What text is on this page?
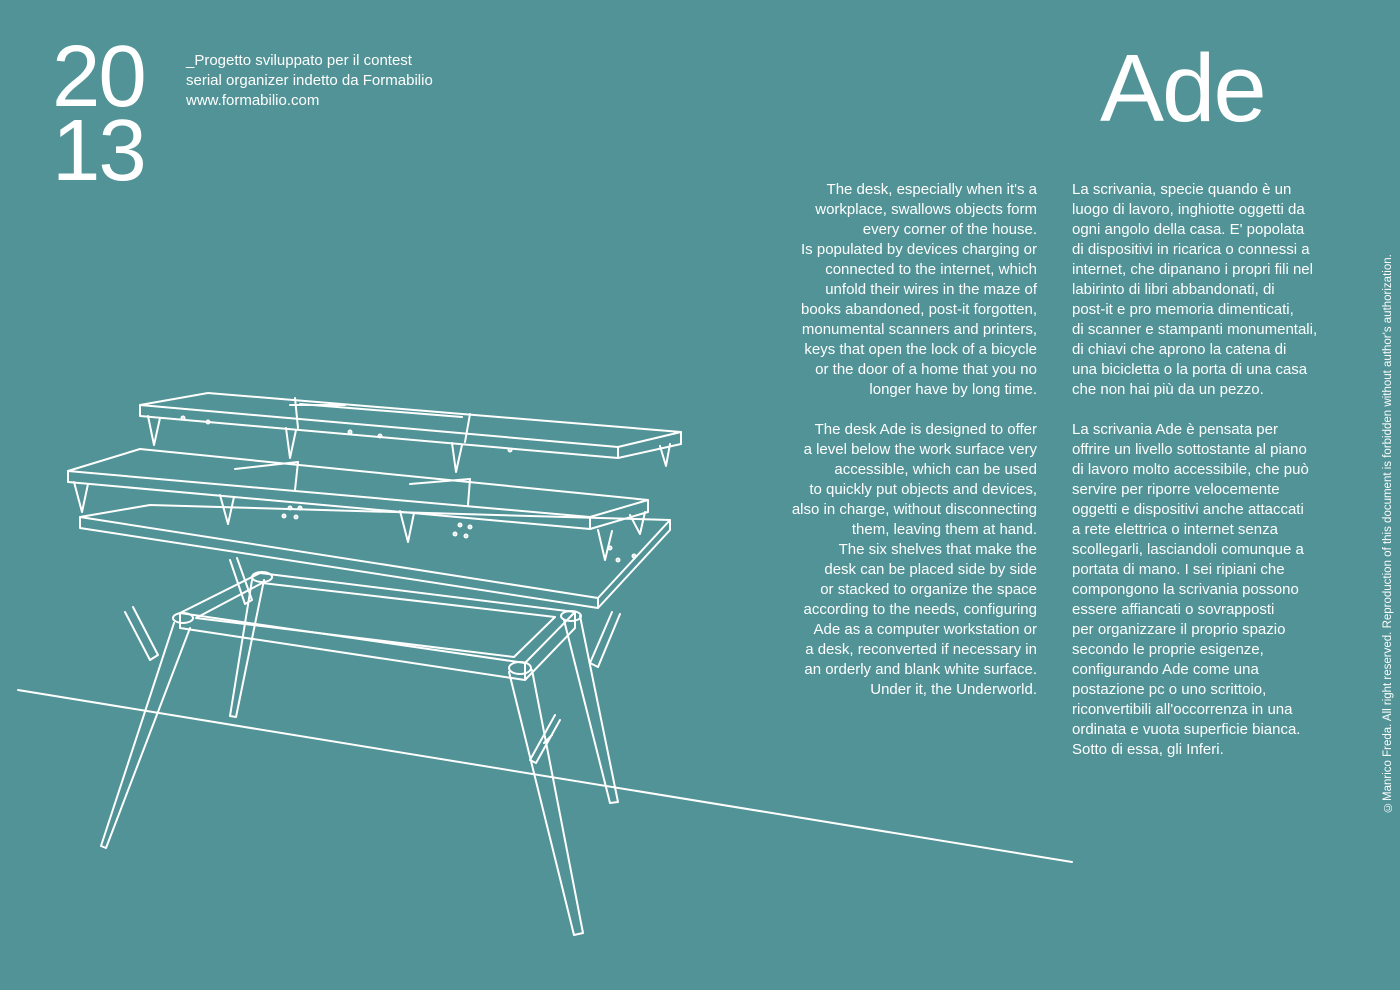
20
13
_Progetto sviluppato per il contest
serial organizer indetto da Formabilio
www.formabilio.com	Ade

The desk, especially when it's a
workplace, swallows objects form
every corner of the house.
Is populated by devices charging or
connected to the internet, which
unfold their wires in the maze of
books abandoned, post-it forgotten,
monumental scanners and printers,
keys that open the lock of a bicycle
or the door of a home that you no
longer have by long time.

The desk Ade is designed to offer
a level below the work surface very
accessible, which can be used
to quickly put objects and devices,
also in charge, without disconnecting
them, leaving them at hand.
The six shelves that make the
desk can be placed side by side
or stacked to organize the space
according to the needs, configuring
Ade as a computer workstation or
a desk, reconverted if necessary in
an orderly and blank white surface.
Under it, the Underworld.

La scrivania, specie quando è un
luogo di lavoro, inghiotte oggetti da
ogni angolo della casa. E' popolata
di dispositivi in ricarica o connessi a
internet, che dipanano i propri fili nel
labirinto di libri abbandonati, di
post-it e pro memoria dimenticati,
di scanner e stampanti monumentali,
di chiavi che aprono la catena di
una bicicletta o la porta di una casa
che non hai più da un pezzo.

La scrivania Ade è pensata per
offrire un livello sottostante al piano
di lavoro molto accessibile, che può
servire per riporre velocemente
oggetti e dispositivi anche attaccati
a rete elettrica o internet senza
scollegarli, lasciandoli comunque a
portata di mano. I sei ripiani che
compongono la scrivania possono
essere affiancati o sovrapposti
per organizzare il proprio spazio
secondo le proprie esigenze,
configurando Ade come una
postazione pc o uno scrittoio,
riconvertibili all'occorrenza in una
ordinata e vuota superficie bianca.
Sotto di essa, gli Inferi.	©Manrico Freda. All right reserved. Reproduction of this document is forbidden without author's authorization.
